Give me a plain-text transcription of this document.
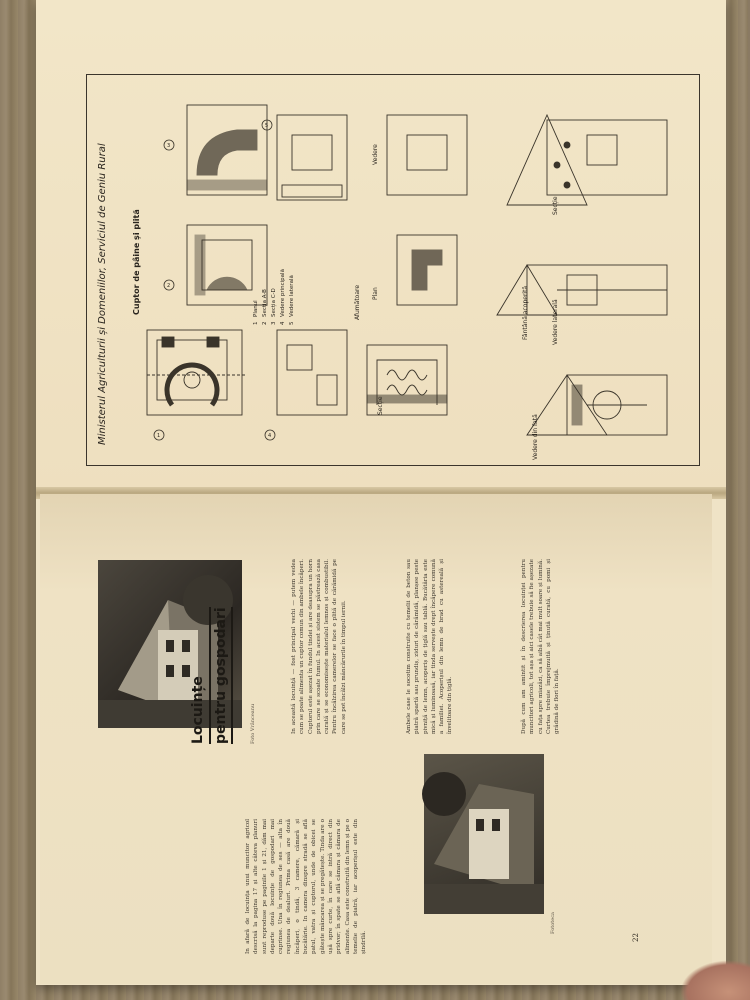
Ministerul Agriculturii și Domeniilor, Serviciul de Geniu Rural	Cuptor de pâine și plită
1
Planul
2
Secția A-B
3
Secția C-D
4
Vedere principală
5
Vedere laterală
1
2
3
4
5
Secție
Plan
Afumătoare
Vedere
Secție
Fântână acoperită	Vedere laterală
Vedere din față
Locuințe pentru gospodari
In afară de locuința unui muncitor agricol descrisă la pagina 17 și alte câteva planuri sunt reproduse pe paginile 1 și 21, dăm mai departe două locuințe de gospodari mai cuprinse. Una în regiunea de ses — alta în regiunea de dealuri. Prima casă are două încăperi, o tindă, 3 camere, cămară și bucătărie. In camera dinspre stradă se află patul, vatra și cuptorul, unde de obicei se gătește mâncarea și se pregătește. Tinda are o ușă spre curte, în care se intră direct din pridvor; în spate se află cămara și cămara de alimente. Casa este construită din lemn și pe o temelie de piatră, iar acoperișul este din șindrilă.
In această locuință — fost principal vechi — putem vedea cum se poate alimenta un cuptor comun din ambele încăperi. Cuptorul este așezat în fundul tindei și are deasupra un horn prin care se scoate fumul. In acest sistem se păstrează casa curată și se economisește materialul lemnos și combustibil. Pentru încălzirea camerelor se face o plită de cărămidă pe care se pot încălzi mâncărurile în timpul iernii.	Ambele case le socotim construite cu temelii de beton sau piatră spartă sau prundiș, ziduri de cărămidă, planșee peste pivniță de lemn, acoperiș de țiglă sau tablă. Bucătăria este mică și luminoasă, iar tinda servește drept încăpere comună a familiei. Acoperișul din lemn de brad cu astereală și învelitoare din țiglă.	După cum am amintit și în descrierea locuinței pentru muncitori agricoli, tot așa și aici casele trebuie să fie așezate cu fața spre miazăzi, ca să aibă cât mai mult soare și lumină. Curtea trebuie împrejmuită și ținută curată, cu pomi și grădină de flori în față.
Foto Vrânceanu
Fototeca
22
